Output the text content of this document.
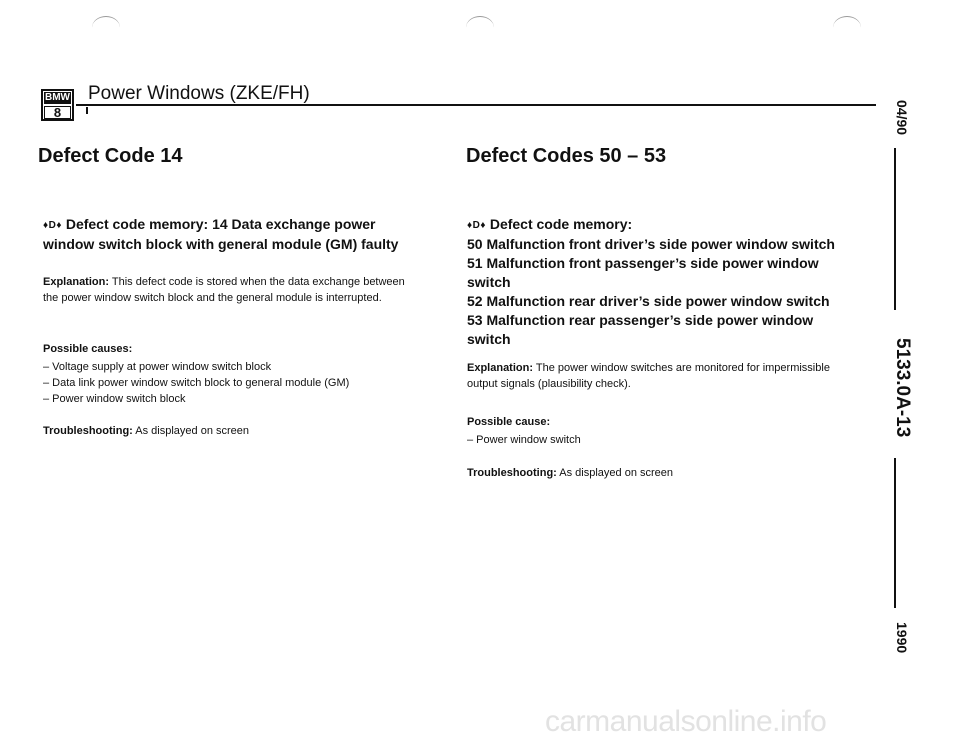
BMW
8
Power Windows (ZKE/FH)
Defect Code 14
♦D♦ Defect code memory: 14 Data exchange power window switch block with general module (GM) faulty
Explanation: This defect code is stored when the data exchange between the power window switch block and the general module is interrupted.
Possible causes:
– Voltage supply at power window switch block
– Data link power window switch block to general module (GM)
– Power window switch block
Troubleshooting: As displayed on screen
Defect Codes 50 – 53
♦D♦ Defect code memory:
50 Malfunction front driver’s side power window switch
51 Malfunction front passenger’s side power window switch
52 Malfunction rear driver’s side power window switch
53 Malfunction rear passenger’s side power window switch
Explanation: The power window switches are monitored for impermissible output signals (plausibility check).
Possible cause:
– Power window switch
Troubleshooting: As displayed on screen
04/90
5133.0A-13
1990
carmanualsonline.info
